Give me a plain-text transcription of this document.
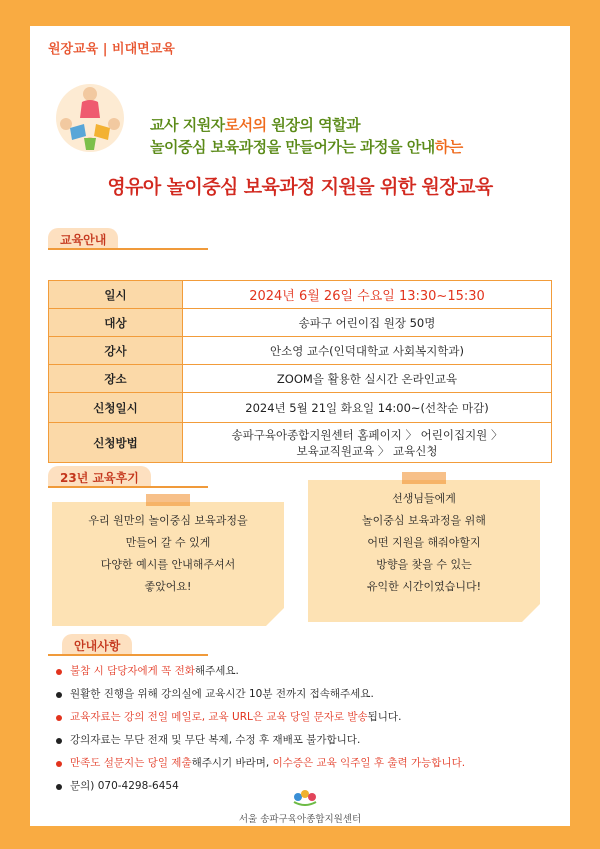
원장교육 | 비대면교육
교사 지원자로서의 원장의 역할과
놀이중심 보육과정을 만들어가는 과정을 안내하는
영유아 놀이중심 보육과정 지원을 위한 원장교육
교육안내
일시	2024년 6월 26일 수요일 13:30~15:30
대상	송파구 어린이집 원장 50명
강사	안소영 교수(인덕대학교 사회복지학과)
장소	ZOOM을 활용한 실시간 온라인교육
신청일시	2024년 5월 21일 화요일 14:00~(선착순 마감)
신청방법	송파구육아종합지원센터 홈페이지 〉 어린이집지원 〉
보육교직원교육 〉 교육신청
23년 교육후기
우리 원만의 놀이중심 보육과정을
만들어 갈 수 있게
다양한 예시를 안내해주셔서
좋았어요!
선생님들에게
놀이중심 보육과정을 위해
어떤 지원을 해줘야할지
방향을 찾을 수 있는
유익한 시간이였습니다!
안내사항
불참 시 담당자에게 꼭 전화해주세요.
원활한 진행을 위해 강의실에 교육시간 10분 전까지 접속해주세요.
교육자료는 강의 전일 메일로, 교육 URL은 교육 당일 문자로 발송됩니다.
강의자료는 무단 전재 및 무단 복제, 수정 후 재배포 불가합니다.
만족도 설문지는 당일 제출해주시기 바라며, 이수증은 교육 익주일 후 출력 가능합니다.
문의) 070-4298-6454
서울 송파구육아종합지원센터
